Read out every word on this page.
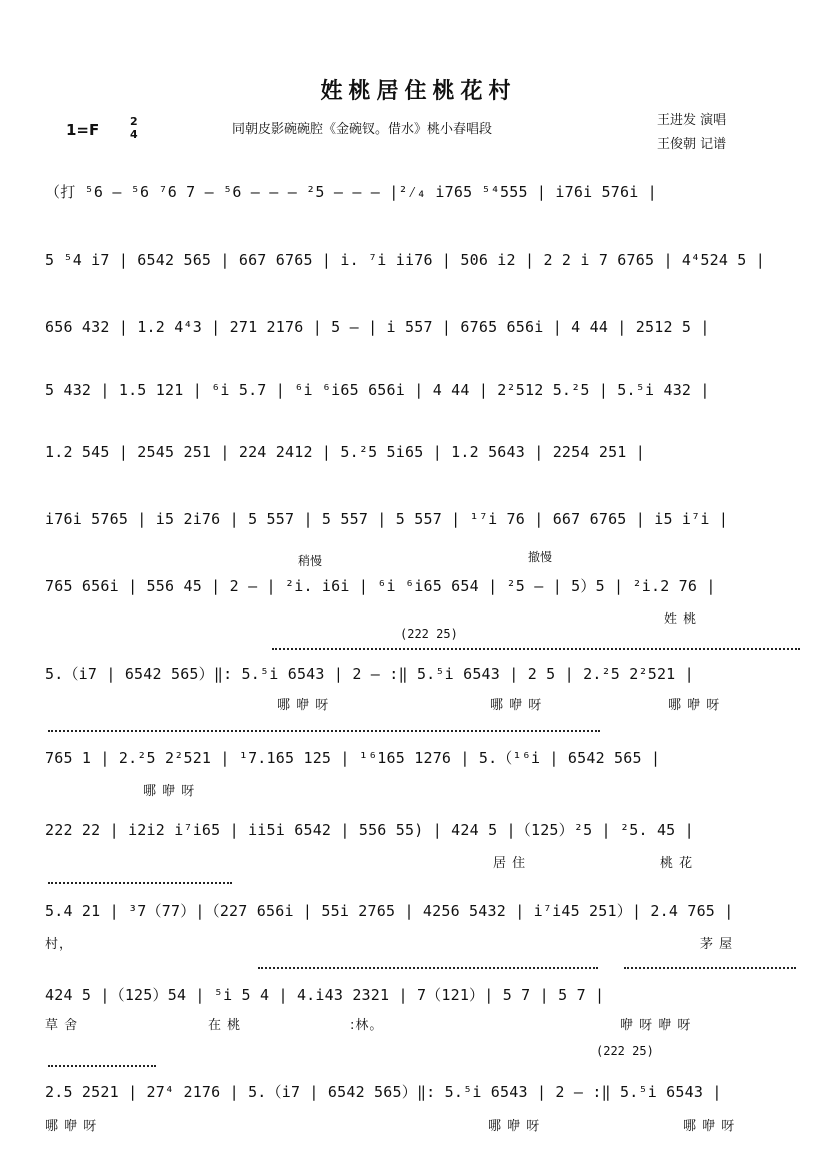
姓桃居住桃花村
1=F	2
4	同朝皮影碗碗腔《金碗钗。借水》桃小春唱段
王进发 演唱
王俊朝 记谱
（打 ⁵6 – ⁵6 ⁷6 7 – ⁵6 – – – ²5 – – – |²⁄₄ i765 ⁵⁴555 | i76i 576i |
5 ⁵4 i7 | 6542 565 | 667 6765 | i. ⁷i ii76 | 506 i2 | 2 2 i 7 6765 | 4⁴524 5 |
656 432 | 1.2 4⁴3 | 271 2176 | 5 – | i 557 | 6765 656i | 4 44 | 2512 5 |
5 432 | 1.5 121 | ⁶i 5.7 | ⁶i ⁶i65 656i | 4 44 | 2²512 5.²5 | 5.⁵i 432 |
1.2 545 | 2545 251 | 224 2412 | 5.²5 5i65 | 1.2 5643 | 2254 251 |
i76i 5765 | i5 2i76 | 5 557 | 5 557 | 5 557 | ¹⁷i 76 | 667 6765 | i5 i⁷i |
稍慢	撤慢
765 656i | 556 45 | 2 – | ²i. i6i | ⁶i ⁶i65 654 | ²5 – | 5）5 | ²i.2 76 |
姓 桃
(222 25)
5.（i7 | 6542 565）‖: 5.⁵i 6543 | 2 – :‖ 5.⁵i 6543 | 2 5 | 2.²5 2²521 |
哪 咿 呀	哪 咿 呀	哪 咿 呀
765 1 | 2.²5 2²521 | ¹7.165 125 | ¹⁶165 1276 | 5.（¹⁶i | 6542 565 |
哪 咿 呀
222 22 | i2i2 i⁷i65 | ii5i 6542 | 556 55) | 424 5 |（125）²5 | ²5. 45 |
居 住	桃 花
5.4 21 | ³7（77）|（227 656i | 55i 2765 | 4256 5432 | i⁷i45 251）| 2.4 765 |
村，	茅 屋
424 5 |（125）54 | ⁵i 5 4 | 4.i43 2321 | 7（121）| 5 7 | 5 7 |
草 舍	在 桃	:林。	咿 呀 咿 呀
(222 25)
2.5 2521 | 27⁴ 2176 | 5.（i7 | 6542 565）‖: 5.⁵i 6543 | 2 – :‖ 5.⁵i 6543 |
哪 咿 呀	哪 咿 呀	哪 咿 呀
